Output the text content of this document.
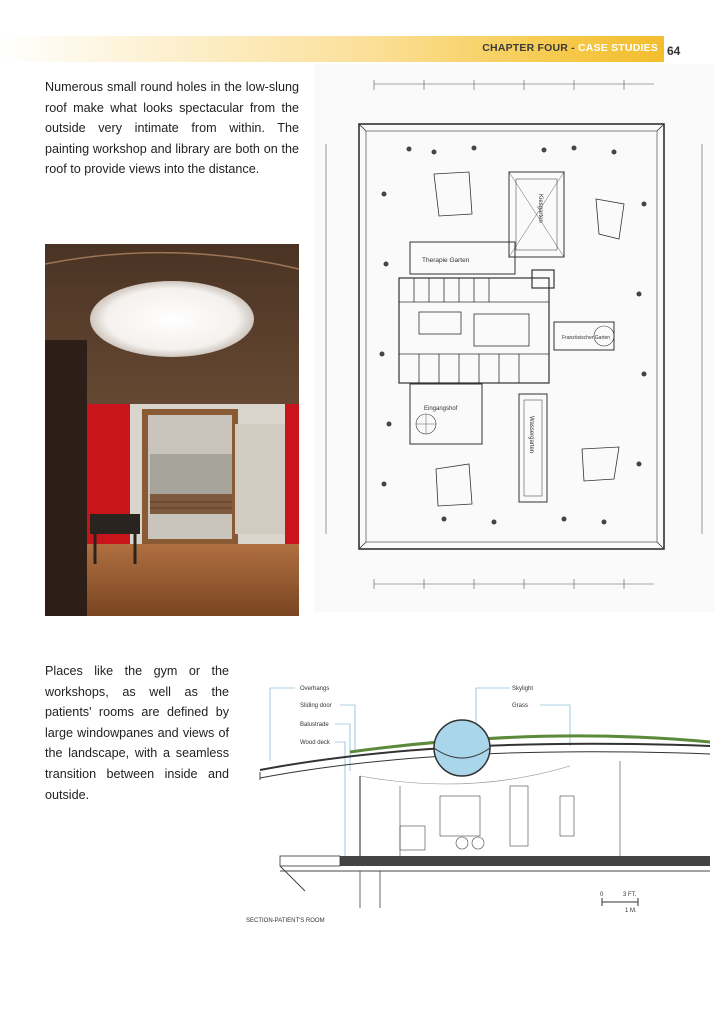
CHAPTER FOUR - CASE STUDIES 64
Numerous small round holes in the low-slung roof make what looks spectacular from the outside very intimate from within. The painting workshop and library are both on the roof to provide views into the distance.
Kiesgarten
Therapie Garten
Französischer Garten
Eingangshof
Wassergarten
Places like the gym or the workshops, as well as the patients' rooms are defined by large windowpanes and views of the landscape, with a seamless transition between inside and outside.
Overhangs
Sliding door
Balustrade
Wood deck
Skylight
Grass
0	3 FT.
1 M.
SECTION-PATIENT'S ROOM
